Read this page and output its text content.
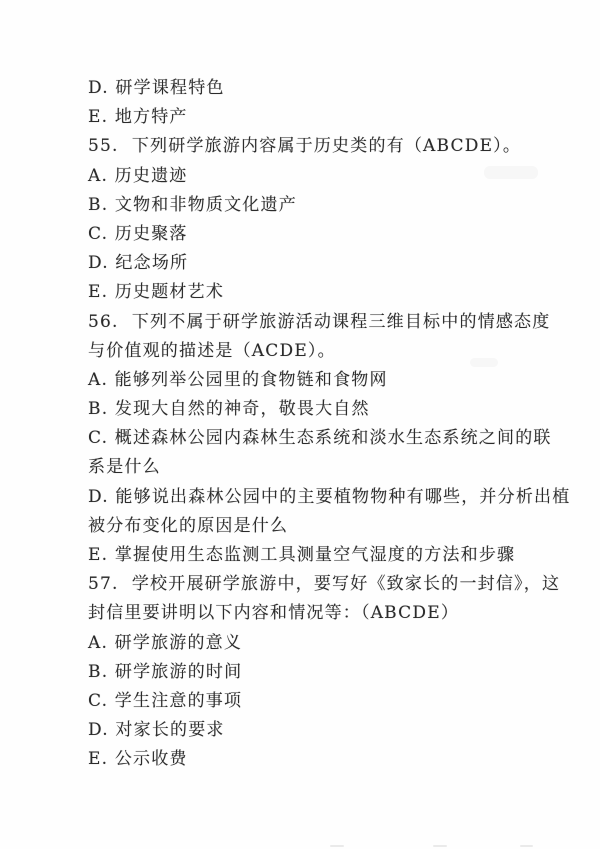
D. 研学课程特色
E. 地方特产
55.  下列研学旅游内容属于历史类的有（ABCDE）。
A. 历史遗迹
B. 文物和非物质文化遗产
C. 历史聚落
D. 纪念场所
E. 历史题材艺术
56.  下列不属于研学旅游活动课程三维目标中的情感态度
与价值观的描述是（ACDE）。
A. 能够列举公园里的食物链和食物网
B. 发现大自然的神奇，敬畏大自然
C. 概述森林公园内森林生态系统和淡水生态系统之间的联
系是什么
D. 能够说出森林公园中的主要植物物种有哪些，并分析出植
被分布变化的原因是什么
E. 掌握使用生态监测工具测量空气湿度的方法和步骤
57.  学校开展研学旅游中，要写好《致家长的一封信》，这
封信里要讲明以下内容和情况等：（ABCDE）
A. 研学旅游的意义
B. 研学旅游的时间
C. 学生注意的事项
D. 对家长的要求
E. 公示收费
